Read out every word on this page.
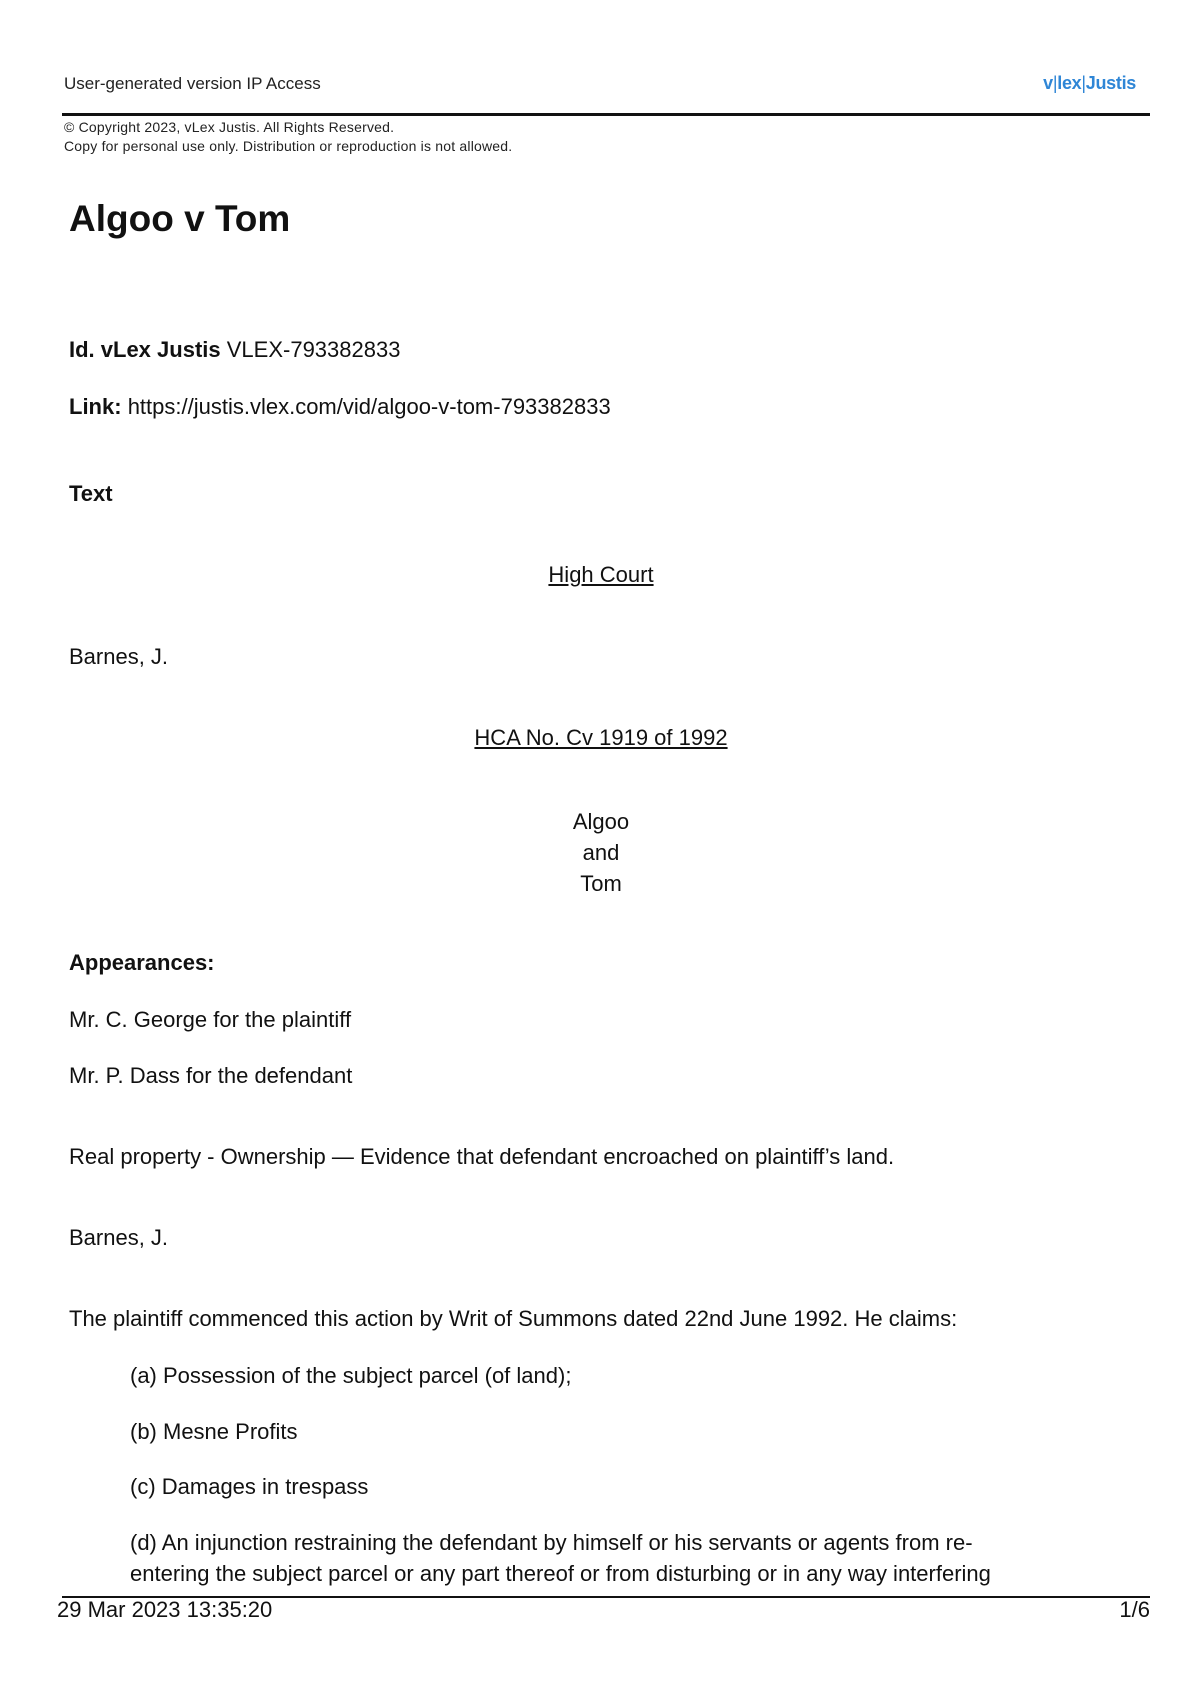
User-generated version IP Access	v|lex|Justis
© Copyright 2023, vLex Justis. All Rights Reserved.
Copy for personal use only. Distribution or reproduction is not allowed.
Algoo v Tom
Id. vLex Justis VLEX-793382833
Link: https://justis.vlex.com/vid/algoo-v-tom-793382833
Text
High Court
Barnes, J.
HCA No. Cv 1919 of 1992
Algoo
and
Tom
Appearances:
Mr. C. George for the plaintiff
Mr. P. Dass for the defendant
Real property - Ownership — Evidence that defendant encroached on plaintiff’s land.
Barnes, J.
The plaintiff commenced this action by Writ of Summons dated 22nd June 1992. He claims:
(a) Possession of the subject parcel (of land);
(b) Mesne Profits
(c) Damages in trespass
(d) An injunction restraining the defendant by himself or his servants or agents from re-
entering the subject parcel or any part thereof or from disturbing or in any way interfering
29 Mar 2023 13:35:20	1/6
